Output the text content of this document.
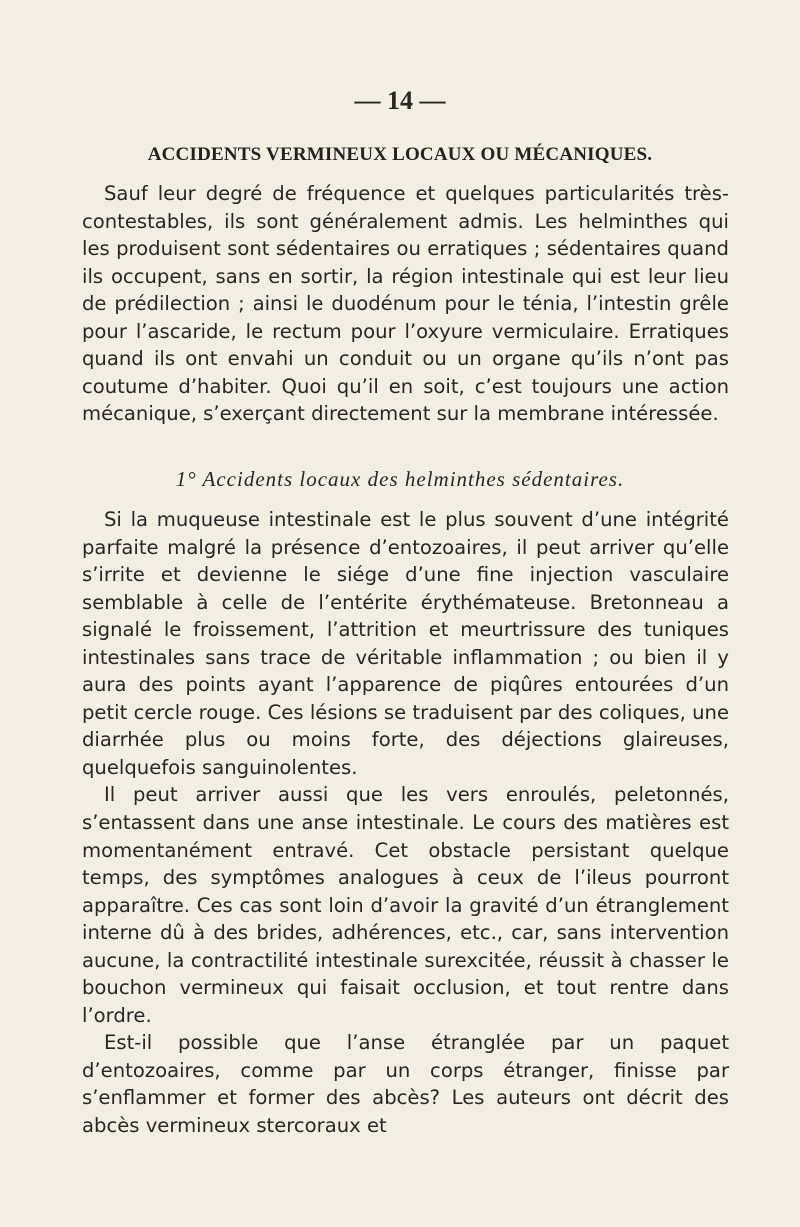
— 14 —
ACCIDENTS VERMINEUX LOCAUX OU MÉCANIQUES.

Sauf leur degré de fréquence et quelques particularités très-contestables, ils sont généralement admis. Les helminthes qui les produisent sont sédentaires ou erratiques ; sédentaires quand ils occupent, sans en sortir, la région intestinale qui est leur lieu de prédilection ; ainsi le duodénum pour le ténia, l’intestin grêle pour l’ascaride, le rectum pour l’oxyure vermiculaire. Erratiques quand ils ont envahi un conduit ou un organe qu’ils n’ont pas coutume d’habiter. Quoi qu’il en soit, c’est toujours une action mécanique, s’exerçant directement sur la membrane intéressée.

1° Accidents locaux des helminthes sédentaires.

Si la muqueuse intestinale est le plus souvent d’une intégrité parfaite malgré la présence d’entozoaires, il peut arriver qu’elle s’irrite et devienne le siége d’une fine injection vasculaire semblable à celle de l’entérite érythémateuse. Bretonneau a signalé le froissement, l’attrition et meurtrissure des tuniques intestinales sans trace de véritable inflammation ; ou bien il y aura des points ayant l’apparence de piqûres entourées d’un petit cercle rouge. Ces lésions se traduisent par des coliques, une diarrhée plus ou moins forte, des déjections glaireuses, quelquefois sanguinolentes.

Il peut arriver aussi que les vers enroulés, peletonnés, s’entassent dans une anse intestinale. Le cours des matières est momentanément entravé. Cet obstacle persistant quelque temps, des symptômes analogues à ceux de l’ileus pourront apparaître. Ces cas sont loin d’avoir la gravité d’un étranglement interne dû à des brides, adhérences, etc., car, sans intervention aucune, la contractilité intestinale surexcitée, réussit à chasser le bouchon vermineux qui faisait occlusion, et tout rentre dans l’ordre.

Est-il possible que l’anse étranglée par un paquet d’entozoaires, comme par un corps étranger, finisse par s’enflammer et former des abcès? Les auteurs ont décrit des abcès vermineux stercoraux et
